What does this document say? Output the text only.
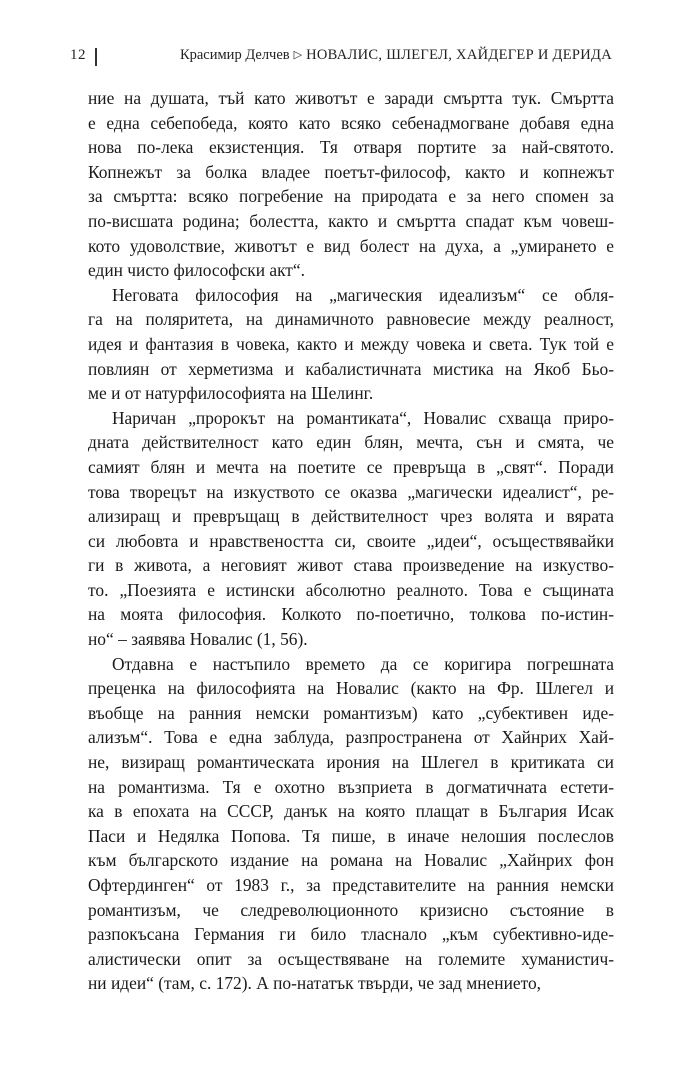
12	Красимир Делчев ▷ НОВАЛИС, ШЛЕГЕЛ, ХАЙДЕГЕР И ДЕРИДА
ние на душата, тъй като животът е заради смъртта тук. Смъртта
е една себепобеда, която като всяко себенадмогване добавя една
нова по-лека екзистенция. Тя отваря портите за най-святото.
Копнежът за болка владее поетът-философ, както и копнежът
за смъртта: всяко погребение на природата е за него спомен за
по-висшата родина; болестта, както и смъртта спадат към човеш-
кото удоволствие, животът е вид болест на духа, а „умирането е
един чисто философски акт“.
Неговата философия на „магическия идеализъм“ се обля-
га на поляритета, на динамичното равновесие между реалност,
идея и фантазия в човека, както и между човека и света. Тук той е
повлиян от херметизма и кабалистичната мистика на Якоб Бьо-
ме и от натурфилософията на Шелинг.
Наричан „пророкът на романтиката“, Новалис схваща приро-
дната действителност като един блян, мечта, сън и смята, че
самият блян и мечта на поетите се превръща в „свят“. Поради
това творецът на изкуството се оказва „магически идеалист“, ре-
ализиращ и превръщащ в действителност чрез волята и вярата
си любовта и нравствеността си, своите „идеи“, осъществявайки
ги в живота, а неговият живот става произведение на изкуство-
то. „Поезията е истински абсолютно реалното. Това е същината
на моята философия. Колкото по-поетично, толкова по-истин-
но“ – заявява Новалис (1, 56).
Отдавна е настъпило времето да се коригира погрешната
преценка на философията на Новалис (както на Фр. Шлегел и
въобще на ранния немски романтизъм) като „субективен иде-
ализъм“. Това е една заблуда, разпространена от Хайнрих Хай-
не, визиращ романтическата ирония на Шлегел в критиката си
на романтизма. Тя е охотно възприета в догматичната естети-
ка в епохата на СССР, данък на която плащат в България Исак
Паси и Недялка Попова. Тя пише, в иначе нелошия послеслов
към българското издание на романа на Новалис „Хайнрих фон
Офтердинген“ от 1983 г., за представителите на ранния немски
романтизъм, че следреволюционното кризисно състояние в
разпокъсана Германия ги било тласнало „към субективно-иде-
алистически опит за осъществяване на големите хуманистич-
ни идеи“ (там, с. 172). А по-нататък твърди, че зад мнението,
